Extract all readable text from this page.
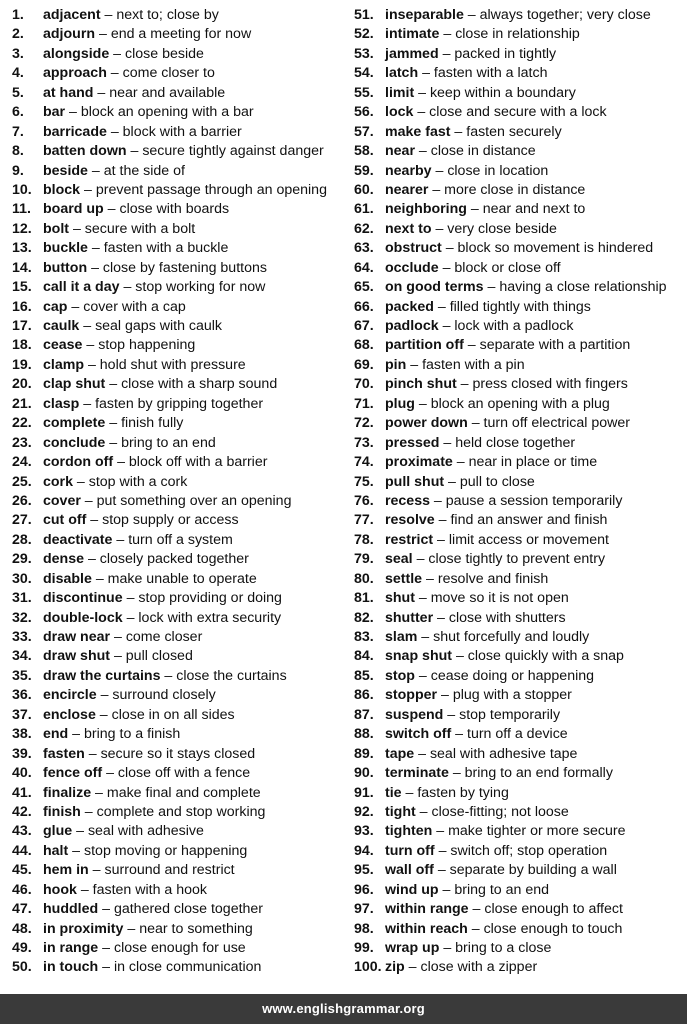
1. adjacent – next to; close by
2. adjourn – end a meeting for now
3. alongside – close beside
4. approach – come closer to
5. at hand – near and available
6. bar – block an opening with a bar
7. barricade – block with a barrier
8. batten down – secure tightly against danger
9. beside – at the side of
10. block – prevent passage through an opening
11. board up – close with boards
12. bolt – secure with a bolt
13. buckle – fasten with a buckle
14. button – close by fastening buttons
15. call it a day – stop working for now
16. cap – cover with a cap
17. caulk – seal gaps with caulk
18. cease – stop happening
19. clamp – hold shut with pressure
20. clap shut – close with a sharp sound
21. clasp – fasten by gripping together
22. complete – finish fully
23. conclude – bring to an end
24. cordon off – block off with a barrier
25. cork – stop with a cork
26. cover – put something over an opening
27. cut off – stop supply or access
28. deactivate – turn off a system
29. dense – closely packed together
30. disable – make unable to operate
31. discontinue – stop providing or doing
32. double-lock – lock with extra security
33. draw near – come closer
34. draw shut – pull closed
35. draw the curtains – close the curtains
36. encircle – surround closely
37. enclose – close in on all sides
38. end – bring to a finish
39. fasten – secure so it stays closed
40. fence off – close off with a fence
41. finalize – make final and complete
42. finish – complete and stop working
43. glue – seal with adhesive
44. halt – stop moving or happening
45. hem in – surround and restrict
46. hook – fasten with a hook
47. huddled – gathered close together
48. in proximity – near to something
49. in range – close enough for use
50. in touch – in close communication
51. inseparable – always together; very close
52. intimate – close in relationship
53. jammed – packed in tightly
54. latch – fasten with a latch
55. limit – keep within a boundary
56. lock – close and secure with a lock
57. make fast – fasten securely
58. near – close in distance
59. nearby – close in location
60. nearer – more close in distance
61. neighboring – near and next to
62. next to – very close beside
63. obstruct – block so movement is hindered
64. occlude – block or close off
65. on good terms – having a close relationship
66. packed – filled tightly with things
67. padlock – lock with a padlock
68. partition off – separate with a partition
69. pin – fasten with a pin
70. pinch shut – press closed with fingers
71. plug – block an opening with a plug
72. power down – turn off electrical power
73. pressed – held close together
74. proximate – near in place or time
75. pull shut – pull to close
76. recess – pause a session temporarily
77. resolve – find an answer and finish
78. restrict – limit access or movement
79. seal – close tightly to prevent entry
80. settle – resolve and finish
81. shut – move so it is not open
82. shutter – close with shutters
83. slam – shut forcefully and loudly
84. snap shut – close quickly with a snap
85. stop – cease doing or happening
86. stopper – plug with a stopper
87. suspend – stop temporarily
88. switch off – turn off a device
89. tape – seal with adhesive tape
90. terminate – bring to an end formally
91. tie – fasten by tying
92. tight – close-fitting; not loose
93. tighten – make tighter or more secure
94. turn off – switch off; stop operation
95. wall off – separate by building a wall
96. wind up – bring to an end
97. within range – close enough to affect
98. within reach – close enough to touch
99. wrap up – bring to a close
100. zip – close with a zipper
www.englishgrammar.org
